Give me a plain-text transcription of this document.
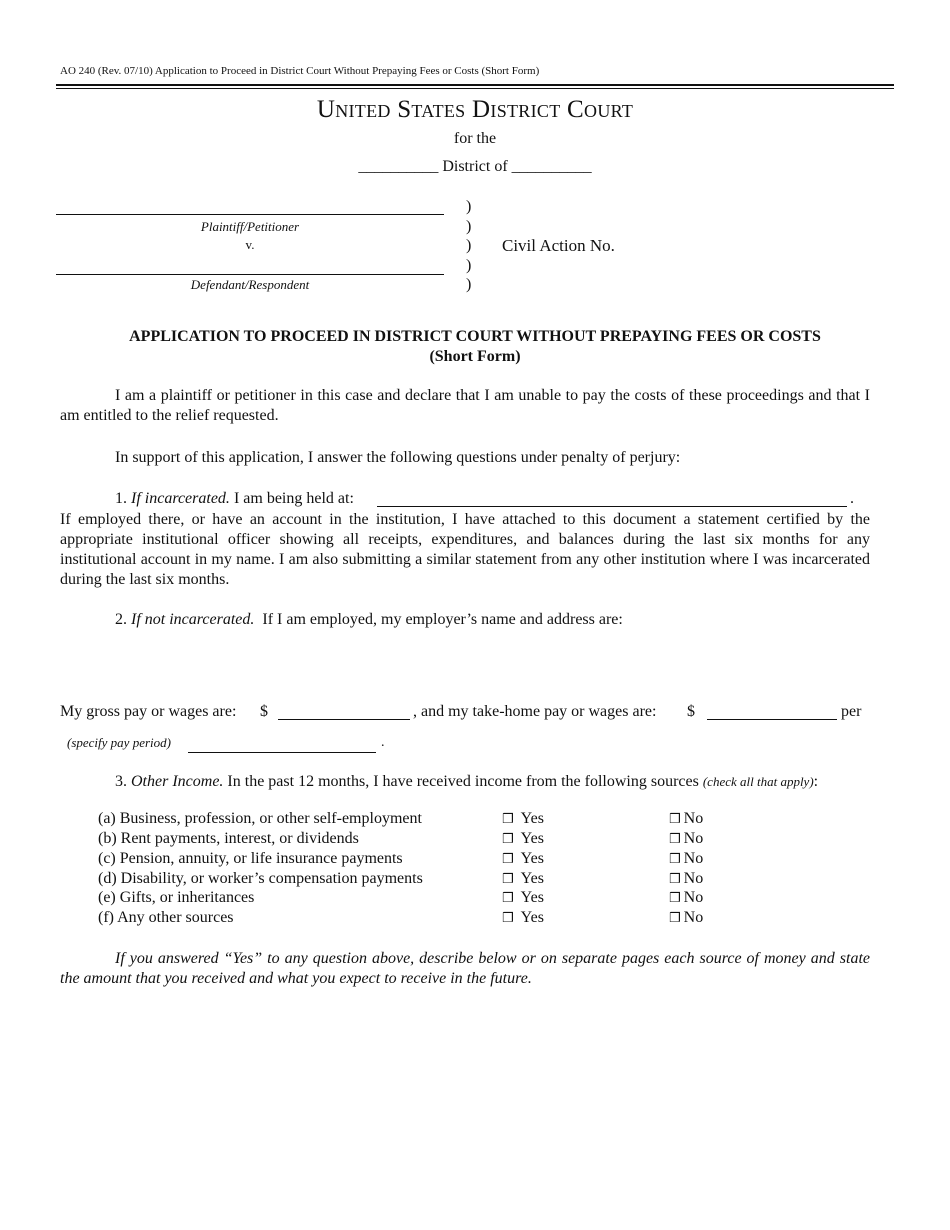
AO 240 (Rev. 07/10) Application to Proceed in District Court Without Prepaying Fees or Costs (Short Form)
United States District Court
for the
__________ District of __________
Plaintiff/Petitioner
v.
Defendant/Respondent
)
)
)
)
)
Civil Action No.
APPLICATION TO PROCEED IN DISTRICT COURT WITHOUT PREPAYING FEES OR COSTS
(Short Form)
I am a plaintiff or petitioner in this case and declare that I am unable to pay the costs of these proceedings and that I am entitled to the relief requested.
In support of this application, I answer the following questions under penalty of perjury:
1. If incarcerated. I am being held at:	.
If employed there, or have an account in the institution, I have attached to this document a statement certified by the appropriate institutional officer showing all receipts, expenditures, and balances during the last six months for any institutional account in my name. I am also submitting a similar statement from any other institution where I was incarcerated during the last six months.
2. If not incarcerated. If I am employed, my employer’s name and address are:
My gross pay or wages are: $	, and my take-home pay or wages are: $	per
(specify pay period)	.
3. Other Income. In the past 12 months, I have received income from the following sources (check all that apply):
(a) Business, profession, or other self-employment	❒ Yes	❒ No
(b) Rent payments, interest, or dividends	❒ Yes	❒ No
(c) Pension, annuity, or life insurance payments	❒ Yes	❒ No
(d) Disability, or worker’s compensation payments	❒ Yes	❒ No
(e) Gifts, or inheritances	❒ Yes	❒ No
(f) Any other sources	❒ Yes	❒ No
If you answered “Yes” to any question above, describe below or on separate pages each source of money and state the amount that you received and what you expect to receive in the future.
